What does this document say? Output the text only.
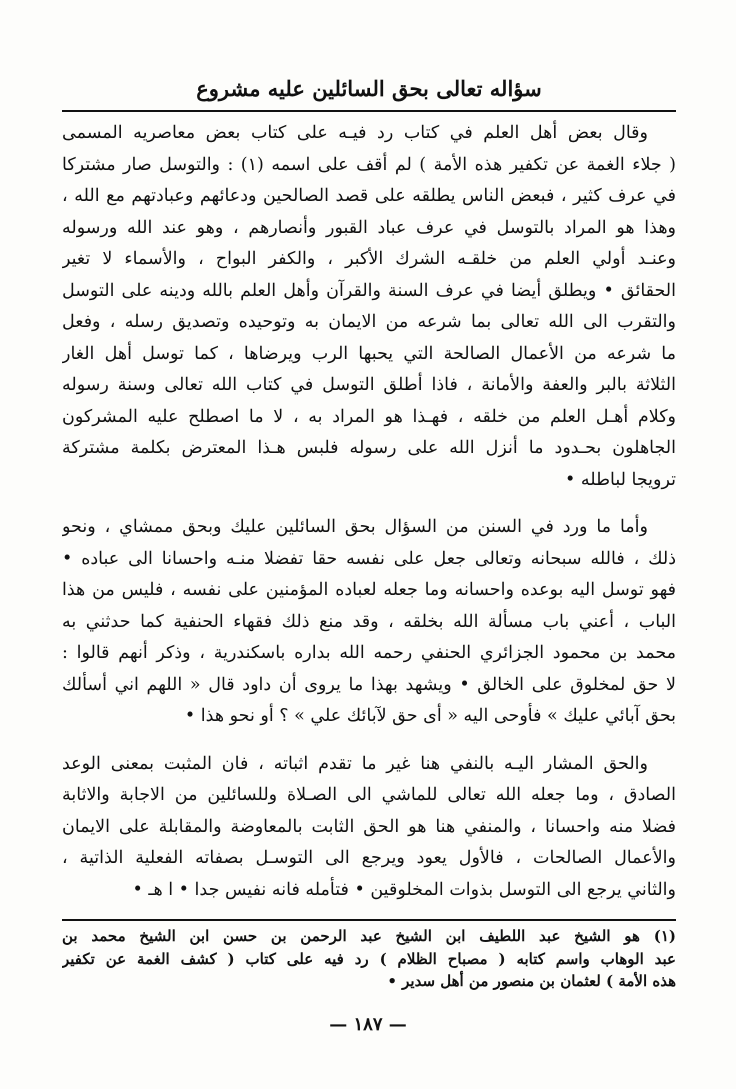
سؤاله تعالى بحق السائلين عليه مشروع

وقال بعض أهل العلم في كتاب رد فيـه على كتاب بعض معاصريه المسمى
( جلاء الغمة عن تكفير هذه الأمة ) لم أقف على اسمه (١) : والتوسل صار مشتركا
في عرف كثير ، فبعض الناس يطلقه على قصد الصالحين ودعائهم وعبادتهم مع الله ،
وهذا هو المراد بالتوسل في عرف عباد القبور وأنصارهم ، وهو عند الله ورسوله
وعنـد أولي العلم من خلقـه الشرك الأكبر ، والكفر البواح ، والأسماء لا تغير
الحقائق • ويطلق أيضا في عرف السنة والقرآن وأهل العلم بالله ودينه على التوسل
والتقرب الى الله تعالى بما شرعه من الايمان به وتوحيده وتصديق رسله ، وفعل
ما شرعه من الأعمال الصالحة التي يحبها الرب ويرضاها ، كما توسل أهل الغار
الثلاثة بالبر والعفة والأمانة ، فاذا أطلق التوسل في كتاب الله تعالى وسنة رسوله
وكلام أهـل العلم من خلقه ، فهـذا هو المراد به ، لا ما اصطلح عليه المشركون
الجاهلون بحـدود ما أنزل الله على رسوله فلبس هـذا المعترض بكلمة مشتركة
ترويجا لباطله •

وأما ما ورد في السنن من السؤال بحق السائلين عليك وبحق ممشاي ، ونحو
ذلك ، فالله سبحانه وتعالى جعل على نفسه حقا تفضلا منـه واحسانا الى عباده •
فهو توسل اليه بوعده واحسانه وما جعله لعباده المؤمنين على نفسه ، فليس من هذا
الباب ، أعني باب مسألة الله بخلقه ، وقد منع ذلك فقهاء الحنفية كما حدثني به
محمد بن محمود الجزائري الحنفي رحمه الله بداره باسكندرية ، وذكر أنهم قالوا :
لا حق لمخلوق على الخالق • ويشهد بهذا ما يروى أن داود قال « اللهم اني أسألك
بحق آبائي عليك » فأوحى اليه « أى حق لآبائك علي » ؟ أو نحو هذا •

والحق المشار اليـه بالنفي هنا غير ما تقدم اثباته ، فان المثبت بمعنى الوعد
الصادق ، وما جعله الله تعالى للماشي الى الصـلاة وللسائلين من الاجابة والاثابة
فضلا منه واحسانا ، والمنفي هنا هو الحق الثابت بالمعاوضة والمقابلة على الايمان
والأعمال الصالحات ، فالأول يعود ويرجع الى التوسـل بصفاته الفعلية الذاتية ،
والثاني يرجع الى التوسل بذوات المخلوقين • فتأمله فانه نفيس جدا • ا هـ •

(١) هو الشيخ عبد اللطيف ابن الشيخ عبد الرحمن بن حسن ابن الشيخ محمد بن
عبد الوهاب واسم كتابه ( مصباح الظلام ) رد فيه على كتاب ( كشف الغمة عن تكفير
هذه الأمة ) لعثمان بن منصور من أهل سدير •
— ١٨٧ —
